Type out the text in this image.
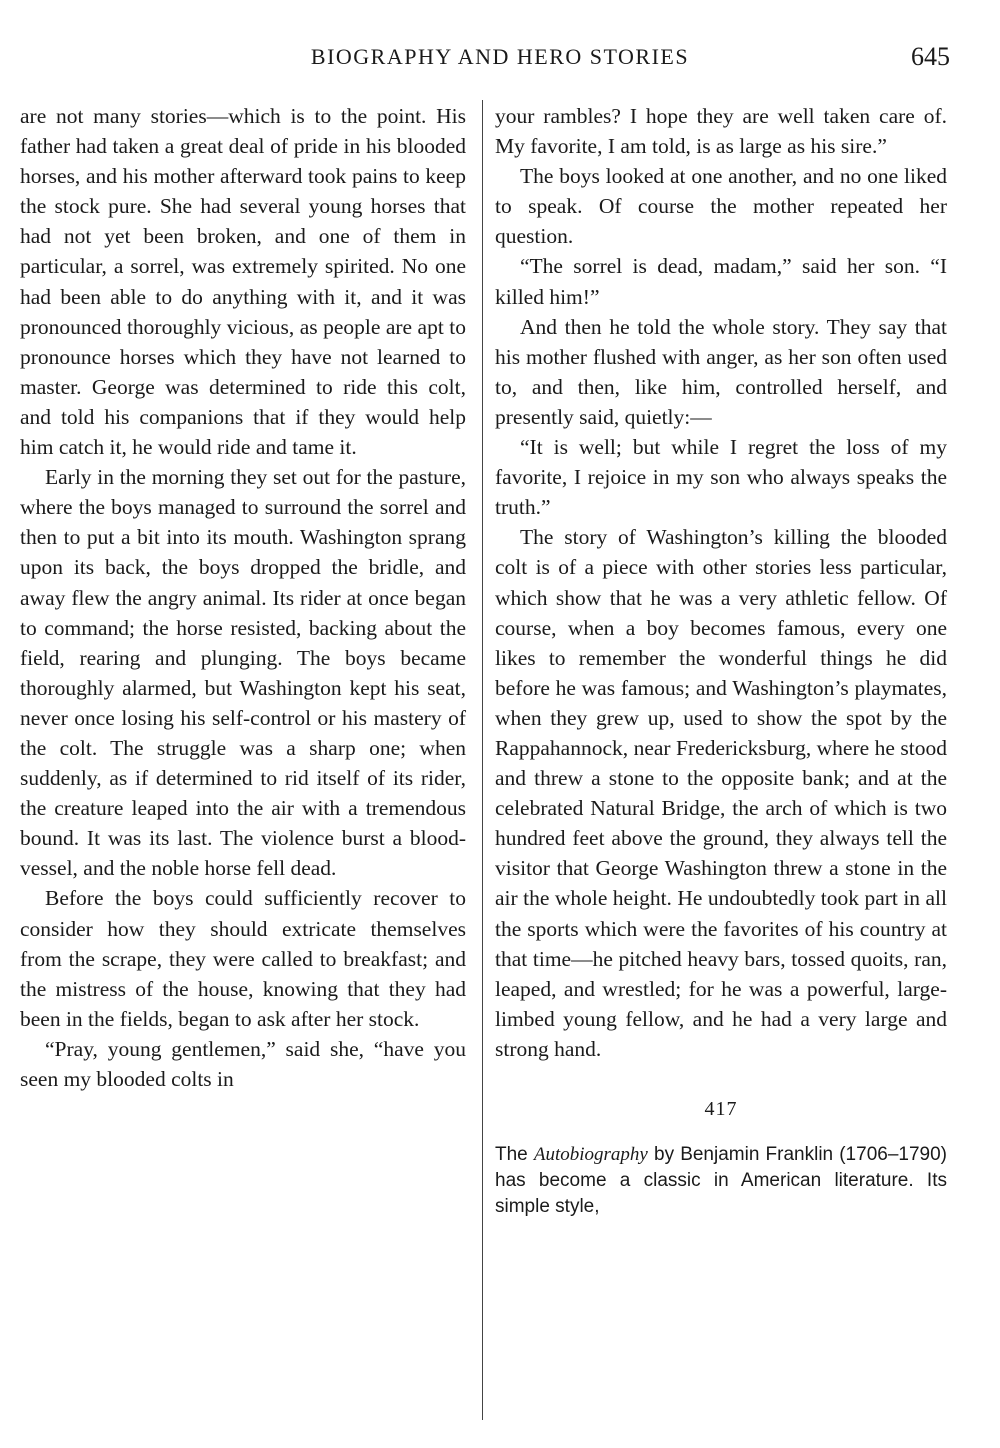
BIOGRAPHY AND HERO STORIES	645

are not many stories—which is to the point. His father had taken a great deal of pride in his blooded horses, and his mother afterward took pains to keep the stock pure. She had several young horses that had not yet been broken, and one of them in particular, a sorrel, was extremely spirited. No one had been able to do anything with it, and it was pronounced thoroughly vicious, as people are apt to pronounce horses which they have not learned to master. George was determined to ride this colt, and told his companions that if they would help him catch it, he would ride and tame it.

Early in the morning they set out for the pasture, where the boys managed to surround the sorrel and then to put a bit into its mouth. Washington sprang upon its back, the boys dropped the bridle, and away flew the angry animal. Its rider at once began to command; the horse resisted, backing about the field, rearing and plunging. The boys became thoroughly alarmed, but Washington kept his seat, never once losing his self-control or his mastery of the colt. The struggle was a sharp one; when suddenly, as if determined to rid itself of its rider, the creature leaped into the air with a tremendous bound. It was its last. The violence burst a blood-vessel, and the noble horse fell dead.

Before the boys could sufficiently recover to consider how they should extricate themselves from the scrape, they were called to breakfast; and the mistress of the house, knowing that they had been in the fields, began to ask after her stock.

“Pray, young gentlemen,” said she, “have you seen my blooded colts in

your rambles? I hope they are well taken care of. My favorite, I am told, is as large as his sire.”

The boys looked at one another, and no one liked to speak. Of course the mother repeated her question.

“The sorrel is dead, madam,” said her son. “I killed him!”

And then he told the whole story. They say that his mother flushed with anger, as her son often used to, and then, like him, controlled herself, and presently said, quietly:—

“It is well; but while I regret the loss of my favorite, I rejoice in my son who always speaks the truth.”

The story of Washington’s killing the blooded colt is of a piece with other stories less particular, which show that he was a very athletic fellow. Of course, when a boy becomes famous, every one likes to remember the wonderful things he did before he was famous; and Washington’s playmates, when they grew up, used to show the spot by the Rappahannock, near Fredericksburg, where he stood and threw a stone to the opposite bank; and at the celebrated Natural Bridge, the arch of which is two hundred feet above the ground, they always tell the visitor that George Washington threw a stone in the air the whole height. He undoubtedly took part in all the sports which were the favorites of his country at that time—he pitched heavy bars, tossed quoits, ran, leaped, and wrestled; for he was a powerful, large-limbed young fellow, and he had a very large and strong hand.

417

The Autobiography by Benjamin Franklin (1706–1790) has become a classic in American literature. Its simple style,
